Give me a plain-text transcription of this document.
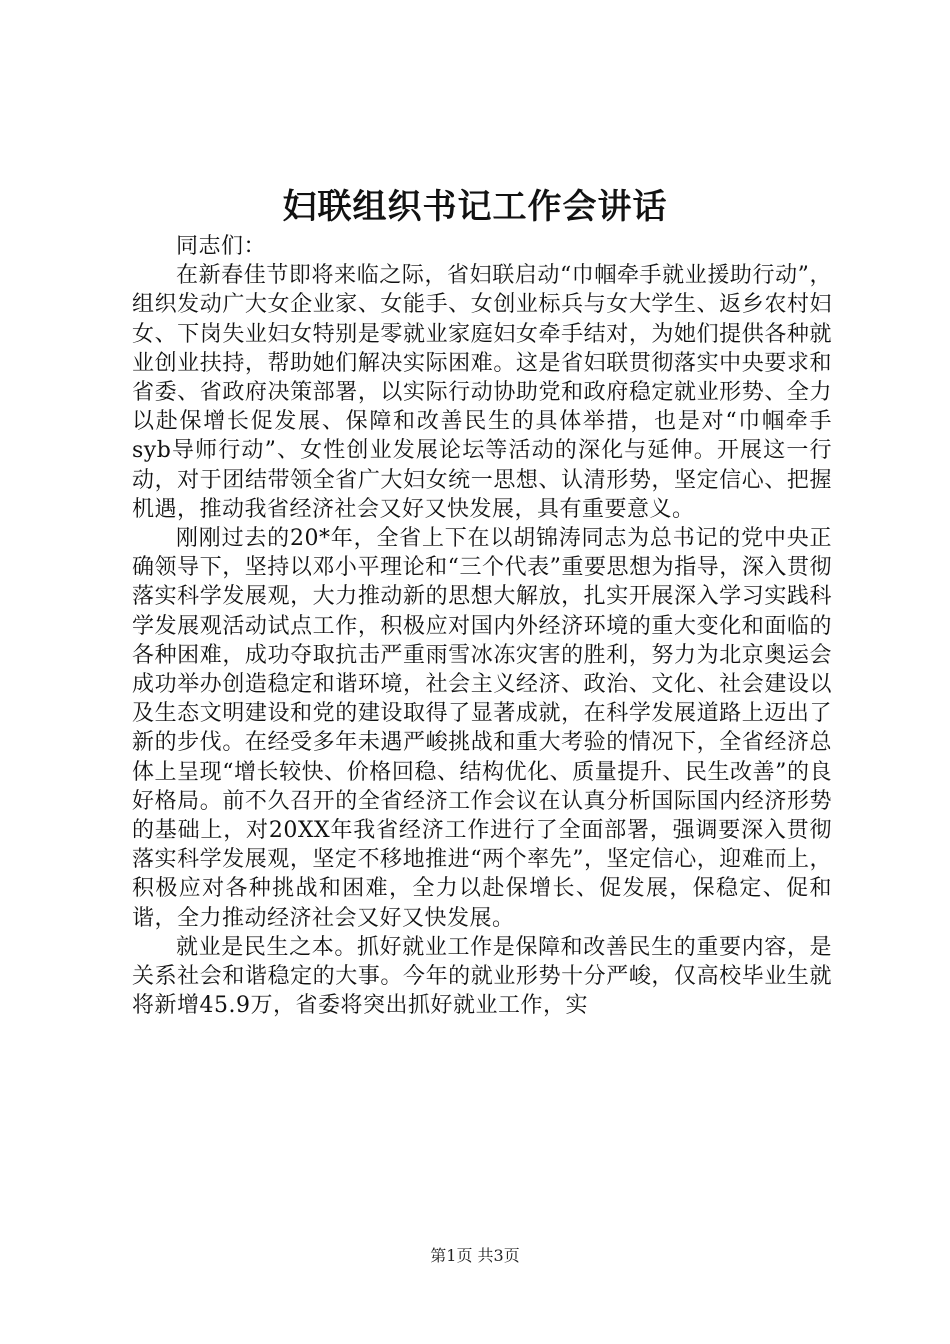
妇联组织书记工作会讲话

同志们：

在新春佳节即将来临之际，省妇联启动“巾帼牵手就业援助行动”，组织发动广大女企业家、女能手、女创业标兵与女大学生、返乡农村妇女、下岗失业妇女特别是零就业家庭妇女牵手结对，为她们提供各种就业创业扶持，帮助她们解决实际困难。这是省妇联贯彻落实中央要求和省委、省政府决策部署，以实际行动协助党和政府稳定就业形势、全力以赴保增长促发展、保障和改善民生的具体举措，也是对“巾帼牵手syb导师行动”、女性创业发展论坛等活动的深化与延伸。开展这一行动，对于团结带领全省广大妇女统一思想、认清形势，坚定信心、把握机遇，推动我省经济社会又好又快发展，具有重要意义。

刚刚过去的20*年，全省上下在以胡锦涛同志为总书记的党中央正确领导下，坚持以邓小平理论和“三个代表”重要思想为指导，深入贯彻落实科学发展观，大力推动新的思想大解放，扎实开展深入学习实践科学发展观活动试点工作，积极应对国内外经济环境的重大变化和面临的各种困难，成功夺取抗击严重雨雪冰冻灾害的胜利，努力为北京奥运会成功举办创造稳定和谐环境，社会主义经济、政治、文化、社会建设以及生态文明建设和党的建设取得了显著成就，在科学发展道路上迈出了新的步伐。在经受多年未遇严峻挑战和重大考验的情况下，全省经济总体上呈现“增长较快、价格回稳、结构优化、质量提升、民生改善”的良好格局。前不久召开的全省经济工作会议在认真分析国际国内经济形势的基础上，对20XX年我省经济工作进行了全面部署，强调要深入贯彻落实科学发展观，坚定不移地推进“两个率先”，坚定信心，迎难而上，积极应对各种挑战和困难，全力以赴保增长、促发展，保稳定、促和谐，全力推动经济社会又好又快发展。

就业是民生之本。抓好就业工作是保障和改善民生的重要内容，是关系社会和谐稳定的大事。今年的就业形势十分严峻，仅高校毕业生就将新增45.9万，省委将突出抓好就业工作，实

第1页 共3页
